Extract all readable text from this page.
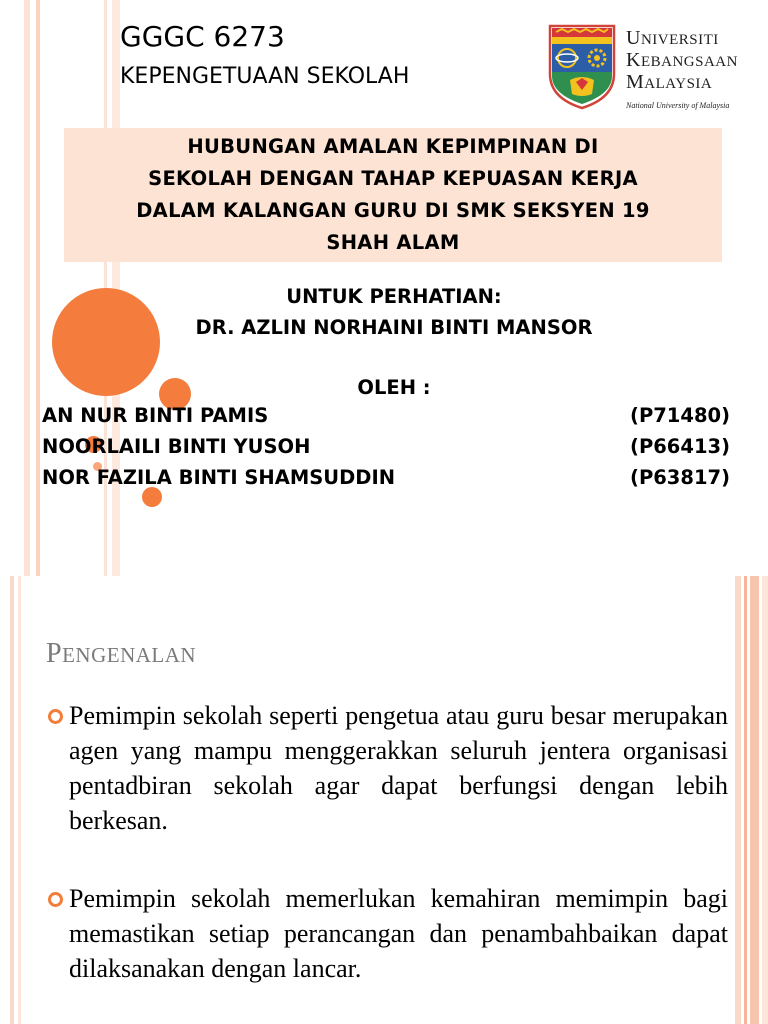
GGGC 6273
KEPENGETUAAN SEKOLAH
UNIVERSITI
KEBANGSAAN
MALAYSIA
National University of Malaysia

HUBUNGAN AMALAN KEPIMPINAN DI
SEKOLAH DENGAN TAHAP KEPUASAN KERJA
DALAM KALANGAN GURU DI SMK SEKSYEN 19
SHAH ALAM

UNTUK PERHATIAN:
DR. AZLIN NORHAINI BINTI MANSOR
OLEH :
AN NUR BINTI PAMIS	(P71480)
NOORLAILI BINTI YUSOH	(P66413)
NOR FAZILA BINTI SHAMSUDDIN	(P63817)
PENGENALAN
Pemimpin sekolah seperti pengetua atau guru besar merupakan agen yang mampu menggerakkan seluruh jentera organisasi pentadbiran sekolah agar dapat berfungsi dengan lebih berkesan.
Pemimpin sekolah memerlukan kemahiran memimpin bagi memastikan setiap perancangan dan penambahbaikan dapat dilaksanakan dengan lancar.
